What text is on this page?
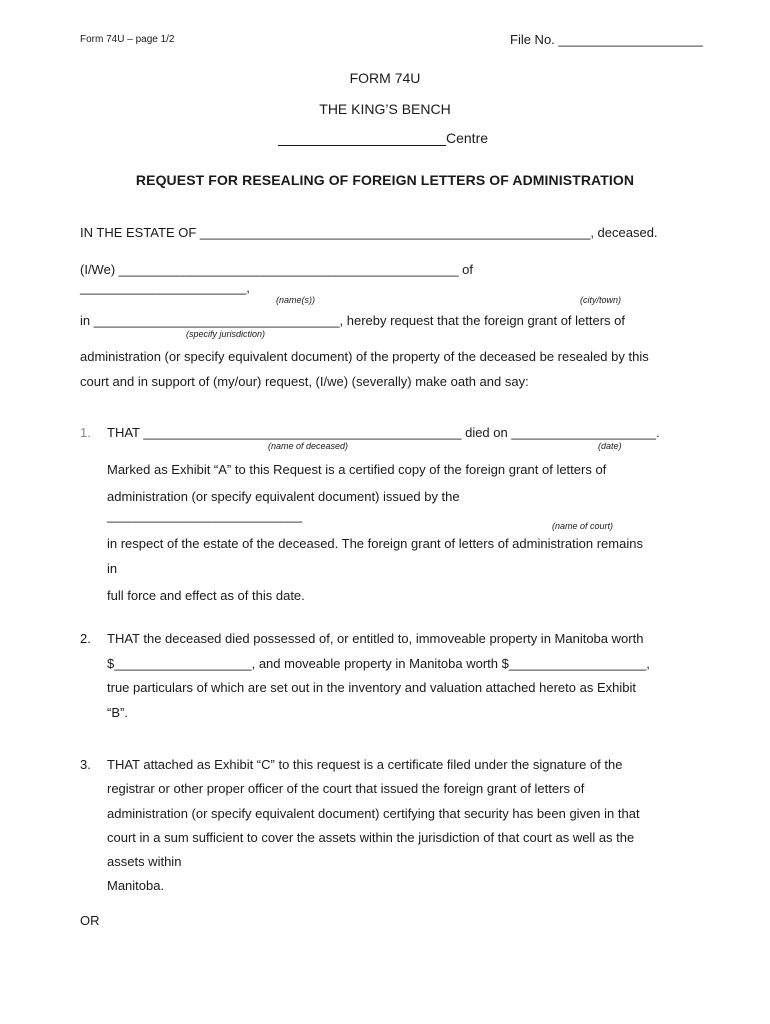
Form 74U – page 1/2	File No. ____________________
FORM 74U
THE KING’S BENCH
Centre
REQUEST FOR RESEALING OF FOREIGN LETTERS OF ADMINISTRATION
IN THE ESTATE OF ______________________________________________________, deceased.
(I/We) _______________________________________________ of
_______________________,
(name(s))	(city/town)
in __________________________________, hereby request that the foreign grant of letters of
(specify jurisdiction)
administration (or specify equivalent document) of the property of the deceased be resealed by this
court and in support of (my/our) request, (I/we) (severally) make oath and say:
1. THAT ____________________________________________ died on ____________________.
(name of deceased)	(date)
Marked as Exhibit “A” to this Request is a certified copy of the foreign grant of letters of
administration (or specify equivalent document) issued by the
___________________________
(name of court)
in respect of the estate of the deceased. The foreign grant of letters of administration remains
in
full force and effect as of this date.
2. THAT the deceased died possessed of, or entitled to, immoveable property in Manitoba worth
$___________________, and moveable property in Manitoba worth $___________________,
true particulars of which are set out in the inventory and valuation attached hereto as Exhibit
“B”.
3. THAT attached as Exhibit “C” to this request is a certificate filed under the signature of the
registrar or other proper officer of the court that issued the foreign grant of letters of
administration (or specify equivalent document) certifying that security has been given in that
court in a sum sufficient to cover the assets within the jurisdiction of that court as well as the
assets within
Manitoba.
OR
